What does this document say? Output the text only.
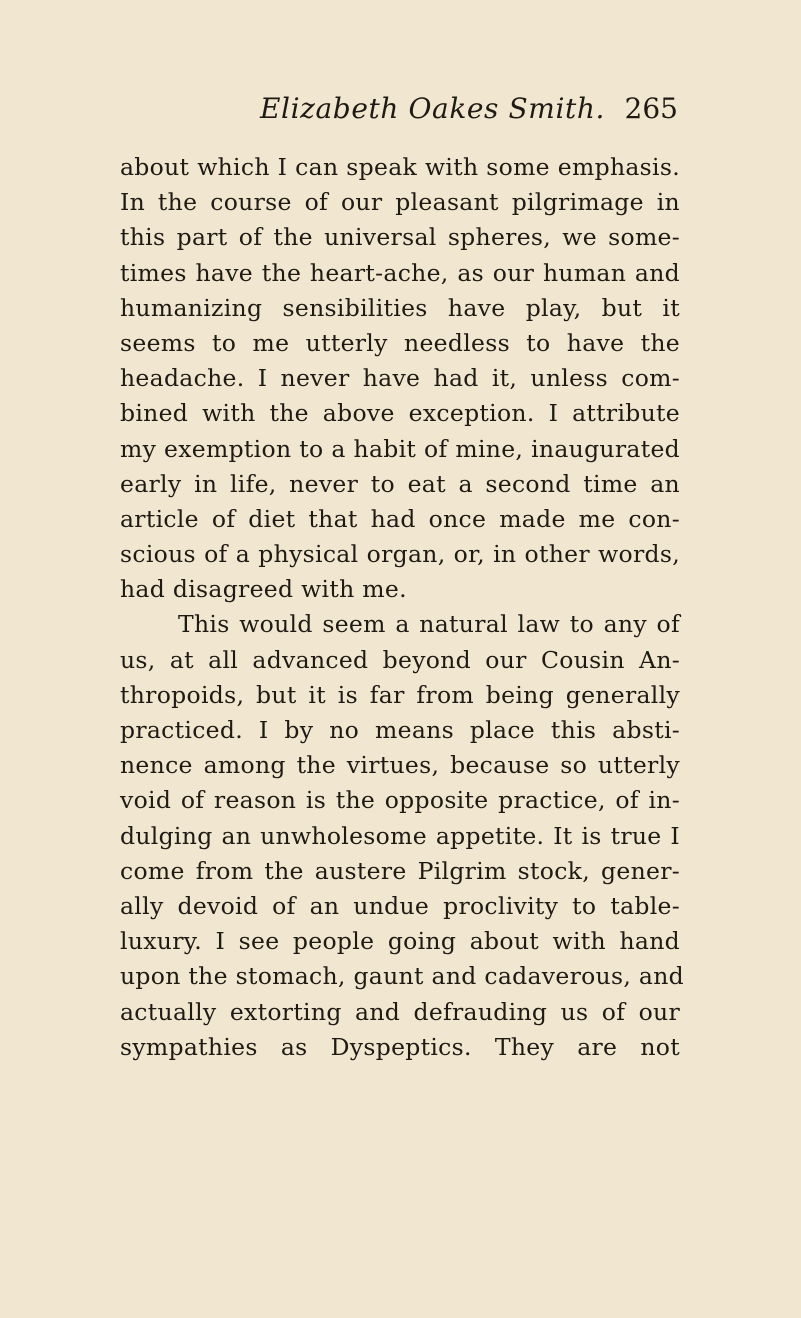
Elizabeth Oakes Smith. 265
about which I can speak with some emphasis.
In the course of our pleasant pilgrimage in
this part of the universal spheres, we some-
times have the heart-ache, as our human and
humanizing sensibilities have play, but it
seems to me utterly needless to have the
headache. I never have had it, unless com-
bined with the above exception. I attribute
my exemption to a habit of mine, inaugurated
early in life, never to eat a second time an
article of diet that had once made me con-
scious of a physical organ, or, in other words,
had disagreed with me.
This would seem a natural law to any of
us, at all advanced beyond our Cousin An-
thropoids, but it is far from being generally
practiced. I by no means place this absti-
nence among the virtues, because so utterly
void of reason is the opposite practice, of in-
dulging an unwholesome appetite. It is true I
come from the austere Pilgrim stock, gener-
ally devoid of an undue proclivity to table-
luxury. I see people going about with hand
upon the stomach, gaunt and cadaverous, and
actually extorting and defrauding us of our
sympathies as Dyspeptics. They are not
